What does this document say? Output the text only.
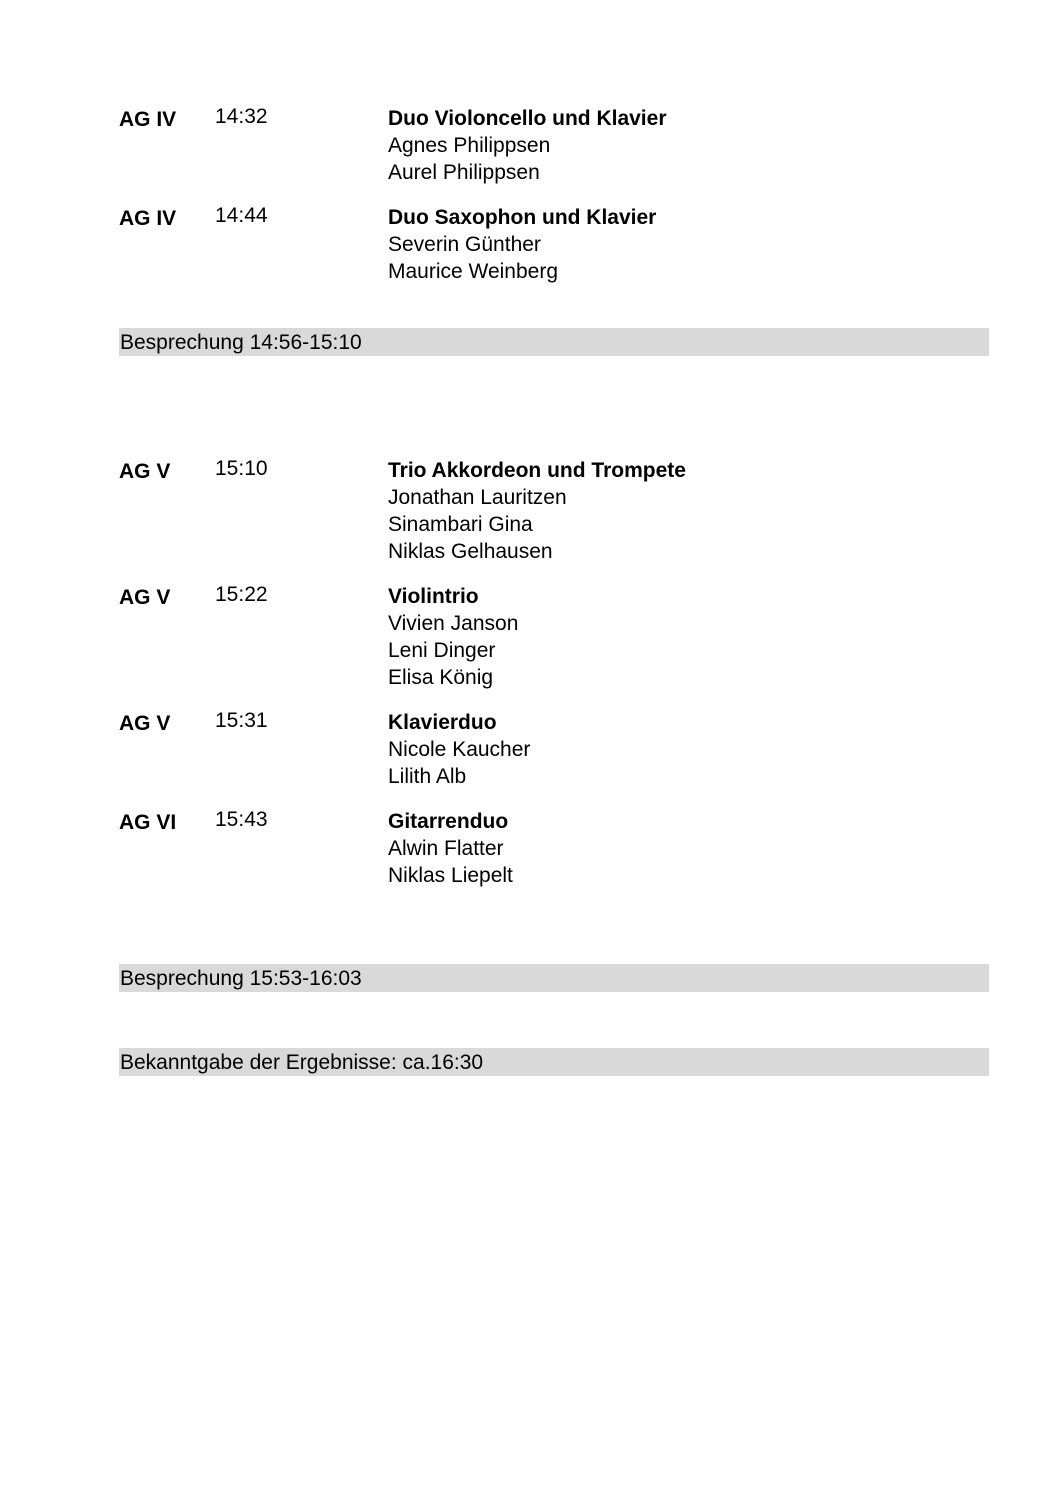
AG IV 14:32	Duo Violoncello und Klavier
Agnes Philippsen
Aurel Philippsen
AG IV 14:44	Duo Saxophon und Klavier
Severin Günther
Maurice Weinberg
Besprechung 14:56-15:10
AG V 15:10	Trio Akkordeon und Trompete
Jonathan Lauritzen
Sinambari Gina
Niklas Gelhausen
AG V 15:22	Violintrio
Vivien Janson
Leni Dinger
Elisa König
AG V 15:31	Klavierduo
Nicole Kaucher
Lilith Alb
AG VI 15:43	Gitarrenduo
Alwin Flatter
Niklas Liepelt
Besprechung 15:53-16:03
Bekanntgabe der Ergebnisse: ca.16:30
